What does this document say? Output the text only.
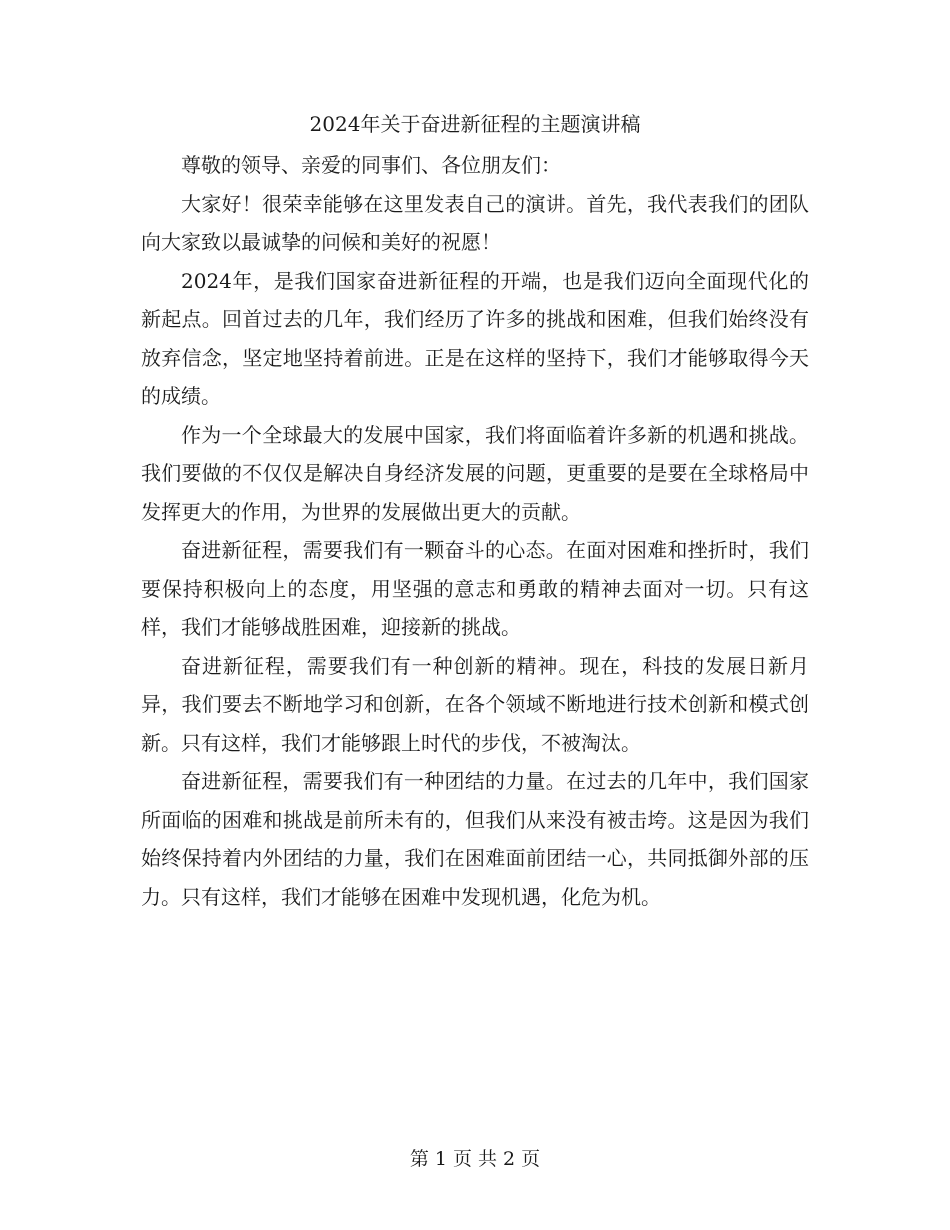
2024年关于奋进新征程的主题演讲稿

尊敬的领导、亲爱的同事们、各位朋友们：

大家好！很荣幸能够在这里发表自己的演讲。首先，我代表我们的团队向大家致以最诚挚的问候和美好的祝愿！

2024年，是我们国家奋进新征程的开端，也是我们迈向全面现代化的新起点。回首过去的几年，我们经历了许多的挑战和困难，但我们始终没有放弃信念，坚定地坚持着前进。正是在这样的坚持下，我们才能够取得今天的成绩。

作为一个全球最大的发展中国家，我们将面临着许多新的机遇和挑战。我们要做的不仅仅是解决自身经济发展的问题，更重要的是要在全球格局中发挥更大的作用，为世界的发展做出更大的贡献。

奋进新征程，需要我们有一颗奋斗的心态。在面对困难和挫折时，我们要保持积极向上的态度，用坚强的意志和勇敢的精神去面对一切。只有这样，我们才能够战胜困难，迎接新的挑战。

奋进新征程，需要我们有一种创新的精神。现在，科技的发展日新月异，我们要去不断地学习和创新，在各个领域不断地进行技术创新和模式创新。只有这样，我们才能够跟上时代的步伐，不被淘汰。

奋进新征程，需要我们有一种团结的力量。在过去的几年中，我们国家所面临的困难和挑战是前所未有的，但我们从来没有被击垮。这是因为我们始终保持着内外团结的力量，我们在困难面前团结一心，共同抵御外部的压力。只有这样，我们才能够在困难中发现机遇，化危为机。

第 1 页 共 2 页
